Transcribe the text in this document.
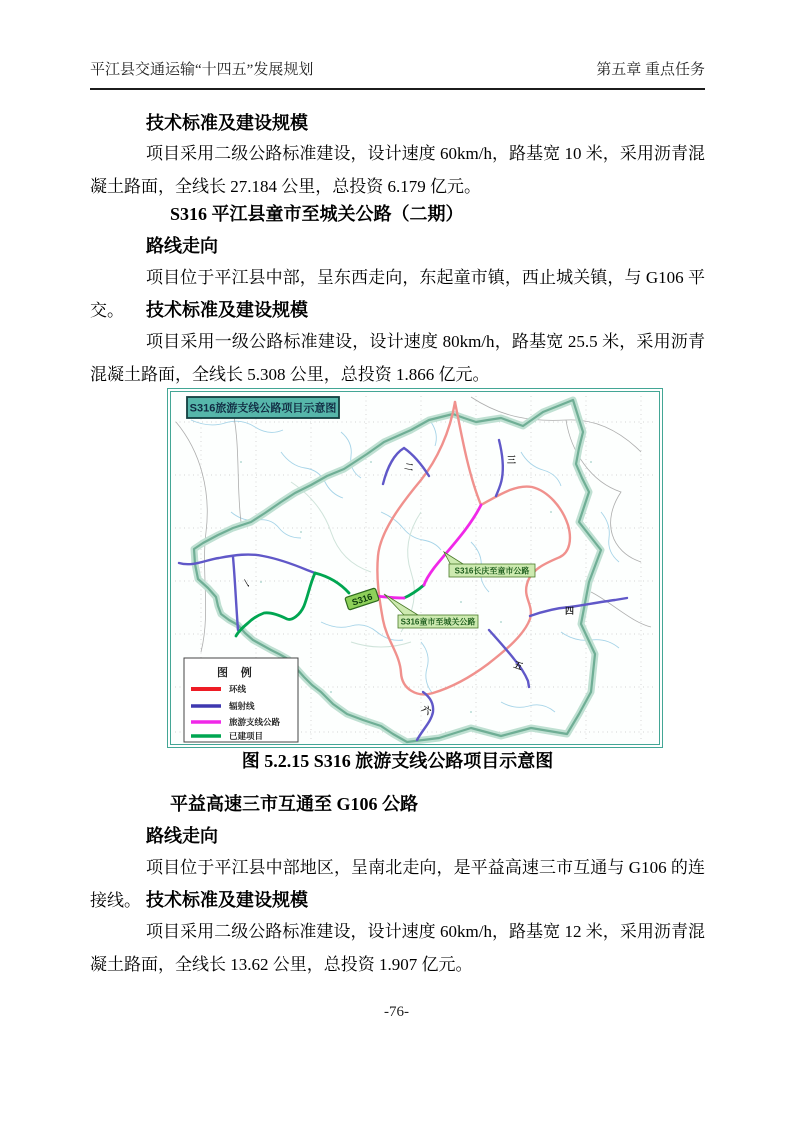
平江县交通运输“十四五”发展规划	第五章 重点任务
技术标准及建设规模
项目采用二级公路标准建设，设计速度 60km/h，路基宽 10 米，采用沥青混凝土路面，全线长 27.184 公里，总投资 6.179 亿元。
S316 平江县童市至城关公路（二期）
路线走向
项目位于平江县中部，呈东西走向，东起童市镇，西止城关镇，与 G106 平交。	技术标准及建设规模
项目采用一级公路标准建设，设计速度 80km/h，路基宽 25.5 米，采用沥青混凝土路面，全线长 5.308 公里，总投资 1.866 亿元。
S316
S316长庆至童市公路
S316童市至城关公路
一
二
三
四
五
六
S316旅游支线公路项目示意图
图 例
环线
辐射线
旅游支线公路
已建项目
图 5.2.15 S316 旅游支线公路项目示意图
平益高速三市互通至 G106 公路
路线走向
项目位于平江县中部地区，呈南北走向，是平益高速三市互通与 G106 的连接线。 技术标准及建设规模
项目采用二级公路标准建设，设计速度 60km/h，路基宽 12 米，采用沥青混凝土路面，全线长 13.62 公里，总投资 1.907 亿元。
-76-
